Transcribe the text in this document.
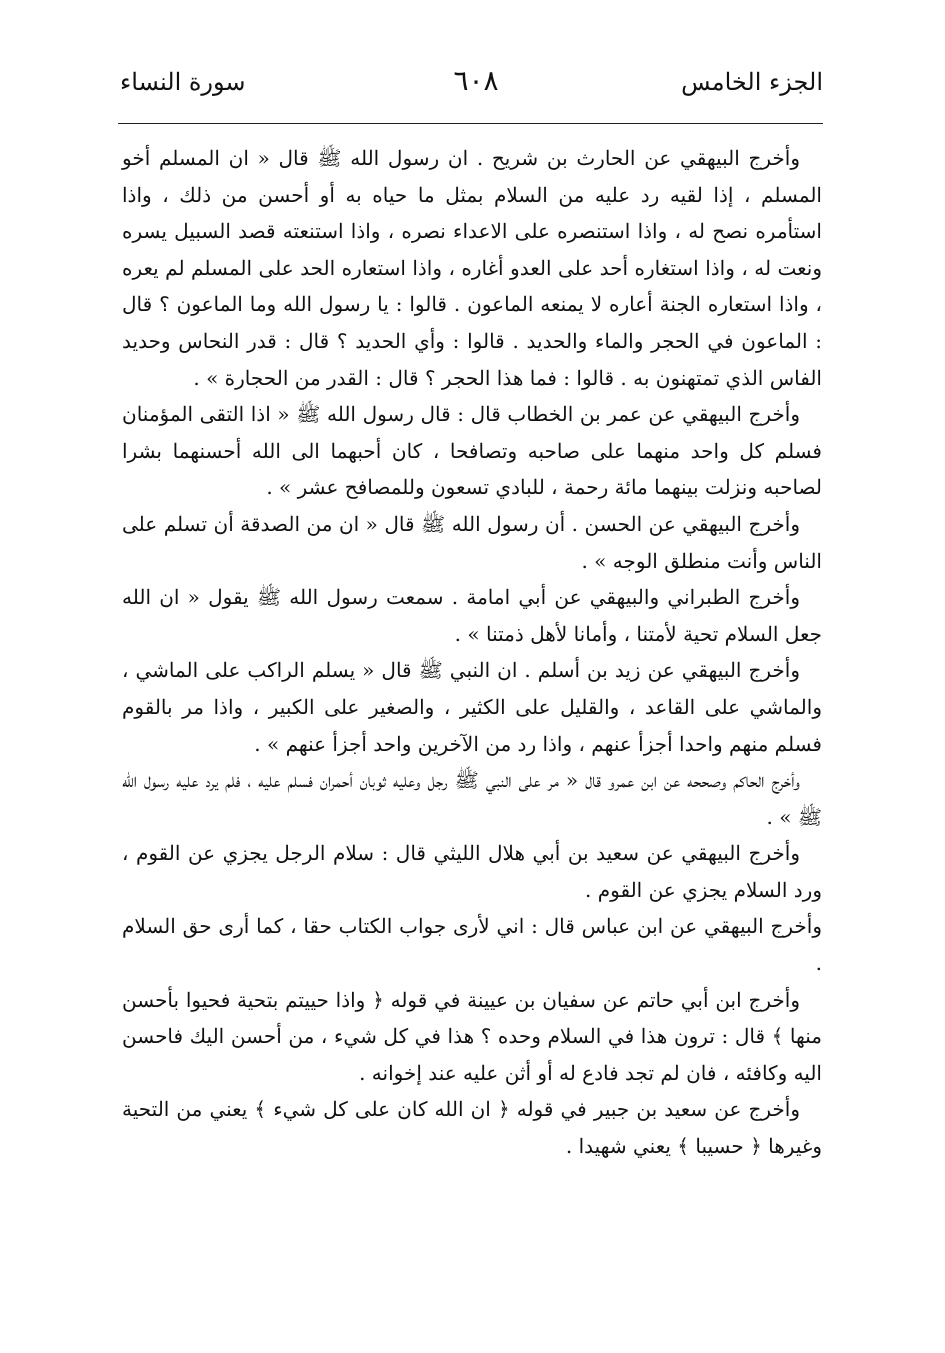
الجزء الخامس
٦٠٨
سورة النساء

وأخرج البيهقي عن الحارث بن شريح . ان رسول الله ﷺ قال « ان المسلم أخو المسلم ، إذا لقيه رد عليه من السلام بمثل ما حياه به أو أحسن من ذلك ، واذا استأمره نصح له ، واذا استنصره على الاعداء نصره ، واذا استنعته قصد السبيل يسره ونعت له ، واذا استغاره أحد على العدو أغاره ، واذا استعاره الحد على المسلم لم يعره ، واذا استعاره الجنة أعاره لا يمنعه الماعون . قالوا : يا رسول الله وما الماعون ؟ قال : الماعون في الحجر والماء والحديد . قالوا : وأي الحديد ؟ قال : قدر النحاس وحديد الفاس الذي تمتهنون به . قالوا : فما هذا الحجر ؟ قال : القدر من الحجارة » .

وأخرج البيهقي عن عمر بن الخطاب قال : قال رسول الله ﷺ « اذا التقى المؤمنان فسلم كل واحد منهما على صاحبه وتصافحا ، كان أحبهما الى الله أحسنهما بشرا لصاحبه ونزلت بينهما مائة رحمة ، للبادي تسعون وللمصافح عشر » .

وأخرج البيهقي عن الحسن . أن رسول الله ﷺ قال « ان من الصدقة أن تسلم على الناس وأنت منطلق الوجه » .

وأخرج الطبراني والبيهقي عن أبي امامة . سمعت رسول الله ﷺ يقول « ان الله جعل السلام تحية لأمتنا ، وأمانا لأهل ذمتنا » .

وأخرج البيهقي عن زيد بن أسلم . ان النبي ﷺ قال « يسلم الراكب على الماشي ، والماشي على القاعد ، والقليل على الكثير ، والصغير على الكبير ، واذا مر بالقوم فسلم منهم واحدا أجزأ عنهم ، واذا رد من الآخرين واحد أجزأ عنهم » .

وأخرج الحاكم وصححه عن ابن عمرو قال « مر على النبي ﷺ رجل وعليه ثوبان أحمران فسلم عليه ، فلم يرد عليه رسول الله ﷺ » .

وأخرج البيهقي عن سعيد بن أبي هلال الليثي قال : سلام الرجل يجزي عن القوم ، ورد السلام يجزي عن القوم .

وأخرج البيهقي عن ابن عباس قال : اني لأرى جواب الكتاب حقا ، كما أرى حق السلام .

وأخرج ابن أبي حاتم عن سفيان بن عيينة في قوله ﴿ واذا حييتم بتحية فحيوا بأحسن منها ﴾ قال : ترون هذا في السلام وحده ؟ هذا في كل شيء ، من أحسن اليك فاحسن اليه وكافئه ، فان لم تجد فادع له أو أثن عليه عند إخوانه .

وأخرج عن سعيد بن جبير في قوله ﴿ ان الله كان على كل شيء ﴾ يعني من التحية وغيرها ﴿ حسيبا ﴾ يعني شهيدا .
